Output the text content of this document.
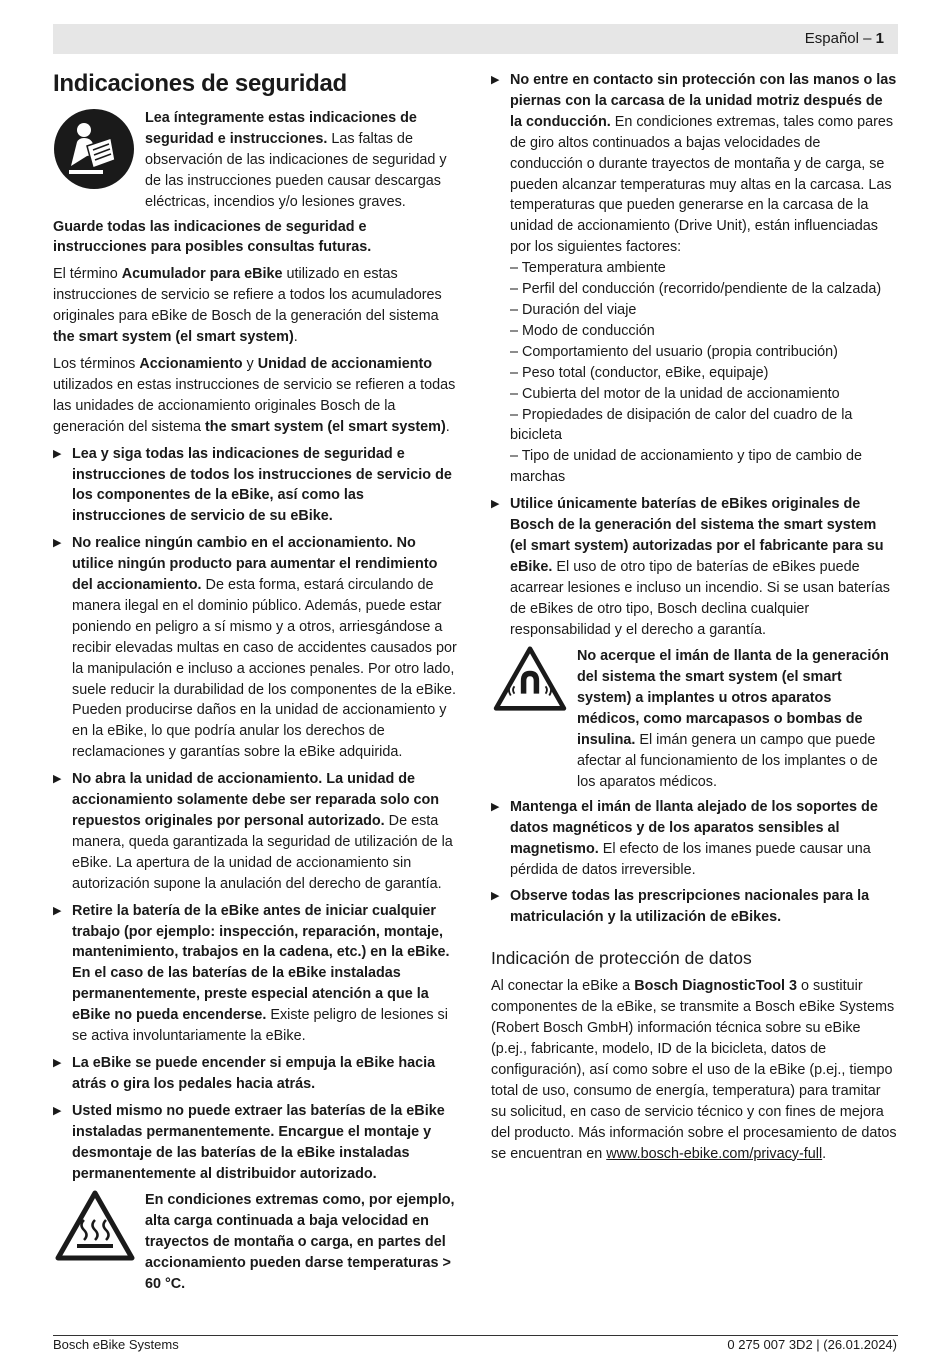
Español – 1
Indicaciones de seguridad
Lea íntegramente estas indicaciones de seguridad e instrucciones. Las faltas de observación de las indicaciones de seguridad y de las instrucciones pueden causar descargas eléctricas, incendios y/o lesiones graves.

Guarde todas las indicaciones de seguridad e instrucciones para posibles consultas futuras.

El término Acumulador para eBike utilizado en estas instrucciones de servicio se refiere a todos los acumuladores originales para eBike de Bosch de la generación del sistema the smart system (el smart system).

Los términos Accionamiento y Unidad de accionamiento utilizados en estas instrucciones de servicio se refieren a todas las unidades de accionamiento originales Bosch de la generación del sistema the smart system (el smart system).

▶ Lea y siga todas las indicaciones de seguridad e instrucciones de todos los instrucciones de servicio de los componentes de la eBike, así como las instrucciones de servicio de su eBike.
▶ No realice ningún cambio en el accionamiento. No utilice ningún producto para aumentar el rendimiento del accionamiento. De esta forma, estará circulando de manera ilegal en el dominio público. Además, puede estar poniendo en peligro a sí mismo y a otros, arriesgándose a recibir elevadas multas en caso de accidentes causados por la manipulación e incluso a acciones penales. Por otro lado, suele reducir la durabilidad de los componentes de la eBike. Pueden producirse daños en la unidad de accionamiento y en la eBike, lo que podría anular los derechos de reclamaciones y garantías sobre la eBike adquirida.
▶ No abra la unidad de accionamiento. La unidad de accionamiento solamente debe ser reparada solo con repuestos originales por personal autorizado. De esta manera, queda garantizada la seguridad de utilización de la eBike. La apertura de la unidad de accionamiento sin autorización supone la anulación del derecho de garantía.
▶ Retire la batería de la eBike antes de iniciar cualquier trabajo (por ejemplo: inspección, reparación, montaje, mantenimiento, trabajos en la cadena, etc.) en la eBike. En el caso de las baterías de la eBike instaladas permanentemente, preste especial atención a que la eBike no pueda encenderse. Existe peligro de lesiones si se activa involuntariamente la eBike.
▶ La eBike se puede encender si empuja la eBike hacia atrás o gira los pedales hacia atrás.
▶ Usted mismo no puede extraer las baterías de la eBike instaladas permanentemente. Encargue el montaje y desmontaje de las baterías de la eBike instaladas permanentemente al distribuidor autorizado.
En condiciones extremas como, por ejemplo, alta carga continuada a baja velocidad en trayectos de montaña o carga, en partes del accionamiento pueden darse temperaturas > 60 °C.
▶ No entre en contacto sin protección con las manos o las piernas con la carcasa de la unidad motriz después de la conducción. En condiciones extremas, tales como pares de giro altos continuados a bajas velocidades de conducción o durante trayectos de montaña y de carga, se pueden alcanzar temperaturas muy altas en la carcasa. Las temperaturas que pueden generarse en la carcasa de la unidad de accionamiento (Drive Unit), están influenciadas por los siguientes factores:
– Temperatura ambiente
– Perfil del conducción (recorrido/pendiente de la calzada)
– Duración del viaje
– Modo de conducción
– Comportamiento del usuario (propia contribución)
– Peso total (conductor, eBike, equipaje)
– Cubierta del motor de la unidad de accionamiento
– Propiedades de disipación de calor del cuadro de la bicicleta
– Tipo de unidad de accionamiento y tipo de cambio de marchas
▶ Utilice únicamente baterías de eBikes originales de Bosch de la generación del sistema the smart system (el smart system) autorizadas por el fabricante para su eBike. El uso de otro tipo de baterías de eBikes puede acarrear lesiones e incluso un incendio. Si se usan baterías de eBikes de otro tipo, Bosch declina cualquier responsabilidad y el derecho a garantía.
No acerque el imán de llanta de la generación del sistema the smart system (el smart system) a implantes u otros aparatos médicos, como marcapasos o bombas de insulina. El imán genera un campo que puede afectar al funcionamiento de los implantes o de los aparatos médicos.
▶ Mantenga el imán de llanta alejado de los soportes de datos magnéticos y de los aparatos sensibles al magnetismo. El efecto de los imanes puede causar una pérdida de datos irreversible.
▶ Observe todas las prescripciones nacionales para la matriculación y la utilización de eBikes.
Indicación de protección de datos

Al conectar la eBike a Bosch DiagnosticTool 3 o sustituir componentes de la eBike, se transmite a Bosch eBike Systems (Robert Bosch GmbH) información técnica sobre su eBike (p.ej., fabricante, modelo, ID de la bicicleta, datos de configuración), así como sobre el uso de la eBike (p.ej., tiempo total de uso, consumo de energía, temperatura) para tramitar su solicitud, en caso de servicio técnico y con fines de mejora del producto. Más información sobre el procesamiento de datos se encuentran en www.bosch-ebike.com/privacy-full.

Bosch eBike Systems	0 275 007 3D2 | (26.01.2024)
